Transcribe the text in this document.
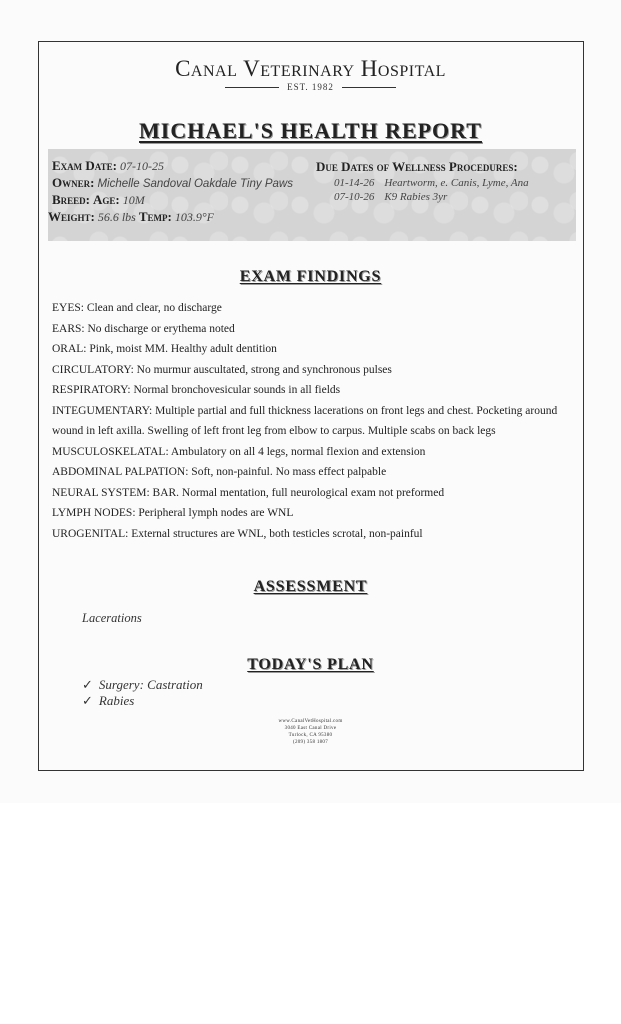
Canal Veterinary Hospital
EST. 1982
MICHAEL'S HEALTH REPORT
Exam Date: 07-10-25
Owner: Michelle Sandoval Oakdale Tiny Paws
Breed: Age: 10M
Weight: 56.6 lbs Temp: 103.9°F
Due Dates of Wellness Procedures:
01-14-26 Heartworm, e. Canis, Lyme, Ana
07-10-26 K9 Rabies 3yr
EXAM FINDINGS
EYES: Clean and clear, no discharge
EARS: No discharge or erythema noted
ORAL: Pink, moist MM. Healthy adult dentition
CIRCULATORY: No murmur auscultated, strong and synchronous pulses
RESPIRATORY: Normal bronchovesicular sounds in all fields
INTEGUMENTARY: Multiple partial and full thickness lacerations on front legs and chest. Pocketing around wound in left axilla. Swelling of left front leg from elbow to carpus. Multiple scabs on back legs
MUSCULOSKELATAL: Ambulatory on all 4 legs, normal flexion and extension
ABDOMINAL PALPATION: Soft, non-painful. No mass effect palpable
NEURAL SYSTEM: BAR. Normal mentation, full neurological exam not preformed
LYMPH NODES: Peripheral lymph nodes are WNL
UROGENITAL: External structures are WNL, both testicles scrotal, non-painful
ASSESSMENT
Lacerations
TODAY'S PLAN
✓ Surgery: Castration
✓ Rabies
www.CanalVetHospital.com
3040 East Canal Drive
Turlock, CA 95380
(209) 358 1807
